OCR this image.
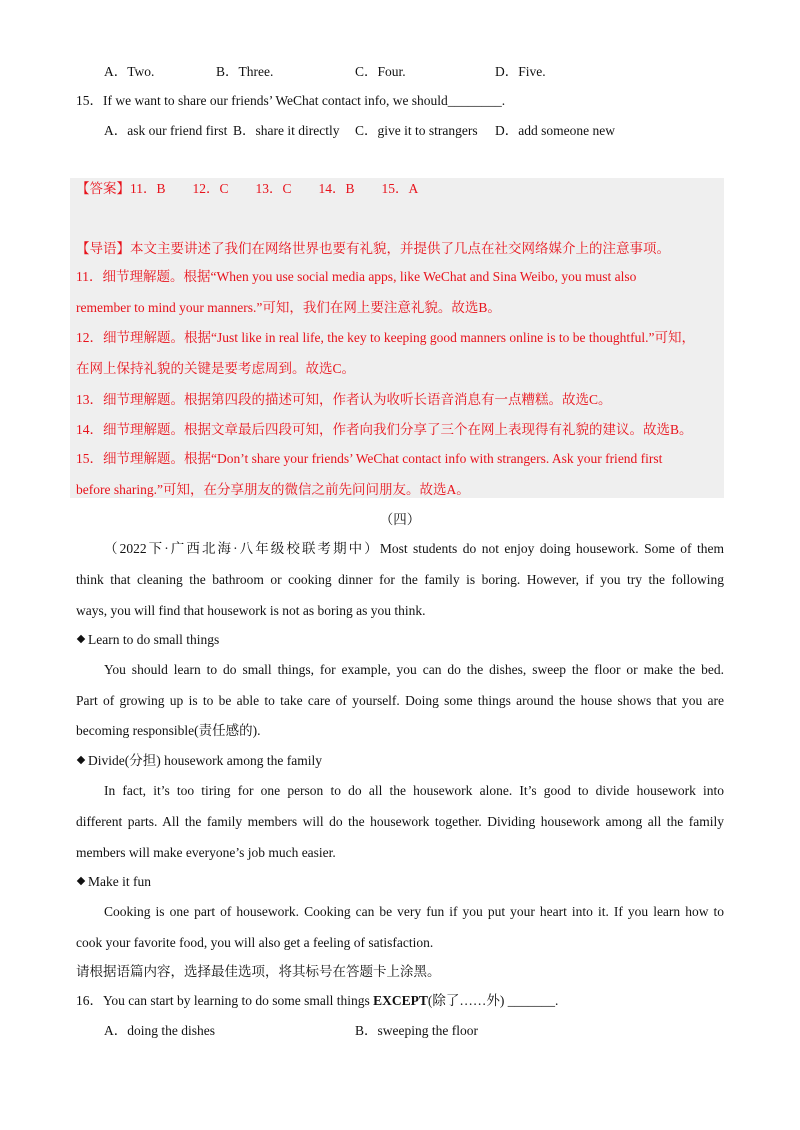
A．Two.	B．Three.	C．Four.	D．Five.
15．If we want to share our friends’ WeChat contact info, we should________.
A．ask our friend first B．share it directly C．give it to strangers D．add someone new
【答案】11．B　　12．C　　13．C　　14．B　　15．A
【导语】本文主要讲述了我们在网络世界也要有礼貌，并提供了几点在社交网络媒介上的注意事项。
11．细节理解题。根据“When you use social media apps, like WeChat and Sina Weibo, you must also
remember to mind your manners.”可知，我们在网上要注意礼貌。故选B。
12．细节理解题。根据“Just like in real life, the key to keeping good manners online is to be thoughtful.”可知，
在网上保持礼貌的关键是要考虑周到。故选C。
13．细节理解题。根据第四段的描述可知，作者认为收听长语音消息有一点糟糕。故选C。
14．细节理解题。根据文章最后四段可知，作者向我们分享了三个在网上表现得有礼貌的建议。故选B。
15．细节理解题。根据“Don’t share your friends’ WeChat contact info with strangers. Ask your friend first
before sharing.”可知，在分享朋友的微信之前先问问朋友。故选A。
（四）
（2022下·广西北海·八年级校联考期中）Most students do not enjoy doing housework. Some of them
think that cleaning the bathroom or cooking dinner for the family is boring. However, if you try the following
ways, you will find that housework is not as boring as you think.
Learn to do small things
You should learn to do small things, for example, you can do the dishes, sweep the floor or make the bed.
Part of growing up is to be able to take care of yourself. Doing some things around the house shows that you are
becoming responsible(责任感的).
Divide(分担) housework among the family
In fact, it’s too tiring for one person to do all the housework alone. It’s good to divide housework into
different parts. All the family members will do the housework together. Dividing housework among all the family
members will make everyone’s job much easier.
Make it fun
Cooking is one part of housework. Cooking can be very fun if you put your heart into it. If you learn how to
cook your favorite food, you will also get a feeling of satisfaction.
请根据语篇内容，选择最佳选项，将其标号在答题卡上涂黑。
16．You can start by learning to do some small things EXCEPT(除了……外) _______.
A．doing the dishes	B．sweeping the floor
